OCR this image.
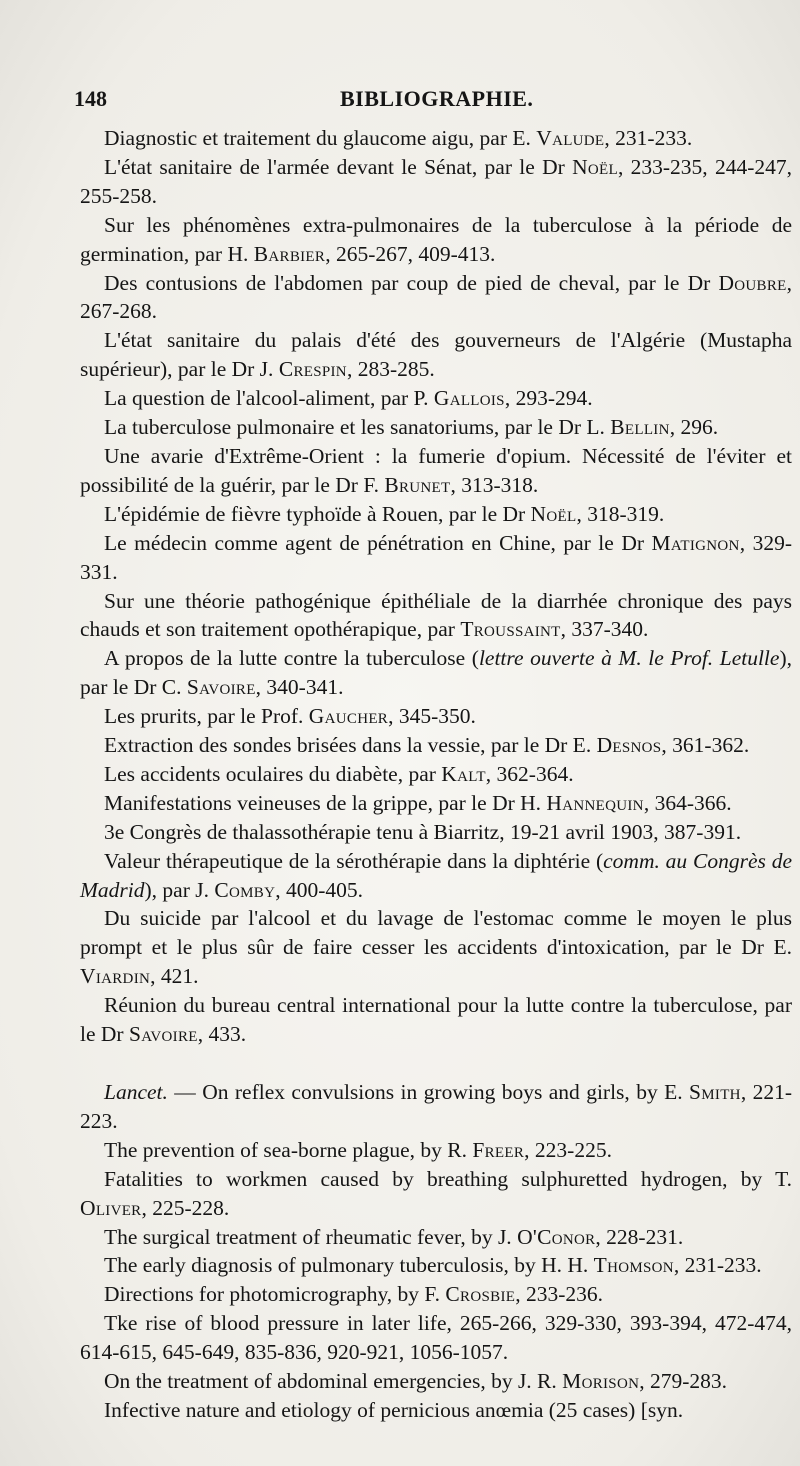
148	BIBLIOGRAPHIE.

Diagnostic et traitement du glaucome aigu, par E. Valude, 231-233.

L'état sanitaire de l'armée devant le Sénat, par le Dr Noël, 233-235, 244-247, 255-258.

Sur les phénomènes extra-pulmonaires de la tuberculose à la période de germination, par H. Barbier, 265-267, 409-413.

Des contusions de l'abdomen par coup de pied de cheval, par le Dr Doubre, 267-268.

L'état sanitaire du palais d'été des gouverneurs de l'Algérie (Mustapha supérieur), par le Dr J. Crespin, 283-285.

La question de l'alcool-aliment, par P. Gallois, 293-294.

La tuberculose pulmonaire et les sanatoriums, par le Dr L. Bellin, 296.

Une avarie d'Extrême-Orient : la fumerie d'opium. Nécessité de l'éviter et possibilité de la guérir, par le Dr F. Brunet, 313-318.

L'épidémie de fièvre typhoïde à Rouen, par le Dr Noël, 318-319.

Le médecin comme agent de pénétration en Chine, par le Dr Matignon, 329-331.

Sur une théorie pathogénique épithéliale de la diarrhée chronique des pays chauds et son traitement opothérapique, par Troussaint, 337-340.

A propos de la lutte contre la tuberculose (lettre ouverte à M. le Prof. Letulle), par le Dr C. Savoire, 340-341.

Les prurits, par le Prof. Gaucher, 345-350.

Extraction des sondes brisées dans la vessie, par le Dr E. Desnos, 361-362.

Les accidents oculaires du diabète, par Kalt, 362-364.

Manifestations veineuses de la grippe, par le Dr H. Hannequin, 364-366.

3e Congrès de thalassothérapie tenu à Biarritz, 19-21 avril 1903, 387-391.

Valeur thérapeutique de la sérothérapie dans la diphtérie (comm. au Congrès de Madrid), par J. Comby, 400-405.

Du suicide par l'alcool et du lavage de l'estomac comme le moyen le plus prompt et le plus sûr de faire cesser les accidents d'intoxication, par le Dr E. Viardin, 421.

Réunion du bureau central international pour la lutte contre la tuberculose, par le Dr Savoire, 433.

Lancet. — On reflex convulsions in growing boys and girls, by E. Smith, 221-223.

The prevention of sea-borne plague, by R. Freer, 223-225.

Fatalities to workmen caused by breathing sulphuretted hydrogen, by T. Oliver, 225-228.

The surgical treatment of rheumatic fever, by J. O'Conor, 228-231.

The early diagnosis of pulmonary tuberculosis, by H. H. Thomson, 231-233.

Directions for photomicrography, by F. Crosbie, 233-236.

Tke rise of blood pressure in later life, 265-266, 329-330, 393-394, 472-474, 614-615, 645-649, 835-836, 920-921, 1056-1057.

On the treatment of abdominal emergencies, by J. R. Morison, 279-283.

Infective nature and etiology of pernicious anœmia (25 cases) [syn.
